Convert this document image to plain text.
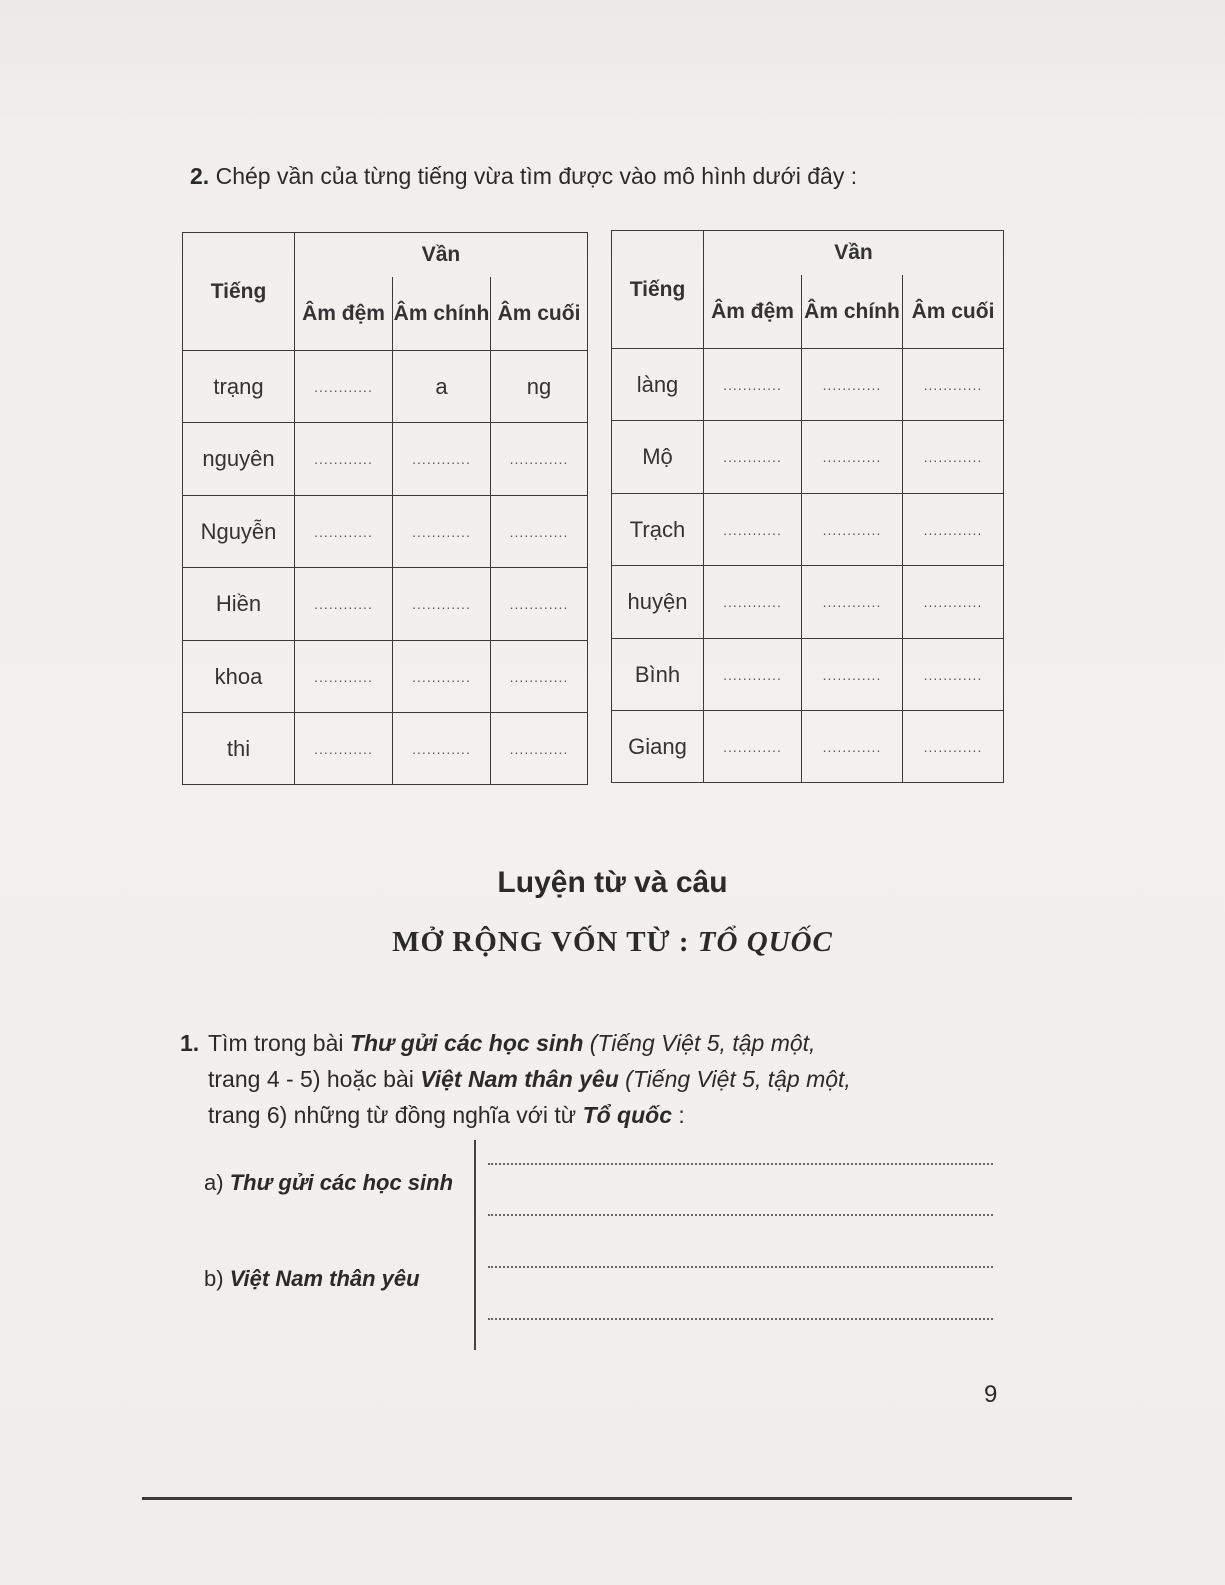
2. Chép vần của từng tiếng vừa tìm được vào mô hình dưới đây :
Tiếng	Vần		
	Âm đệm	Âm chính	Âm cuối
trạng	............	a	ng
nguyên	............	............	............
Nguyễn	............	............	............
Hiền	............	............	............
khoa	............	............	............
thi	............	............	............
Tiếng	Vần		
	Âm đệm	Âm chính	Âm cuối
làng	............	............	............
Mộ	............	............	............
Trạch	............	............	............
huyện	............	............	............
Bình	............	............	............
Giang	............	............	............
Luyện từ và câu
MỞ RỘNG VỐN TỪ : TỔ QUỐC
1. Tìm trong bài Thư gửi các học sinh (Tiếng Việt 5, tập một,
trang 4 - 5) hoặc bài Việt Nam thân yêu (Tiếng Việt 5, tập một,
trang 6) những từ đồng nghĩa với từ Tổ quốc :
a) Thư gửi các học sinh
b) Việt Nam thân yêu
9
